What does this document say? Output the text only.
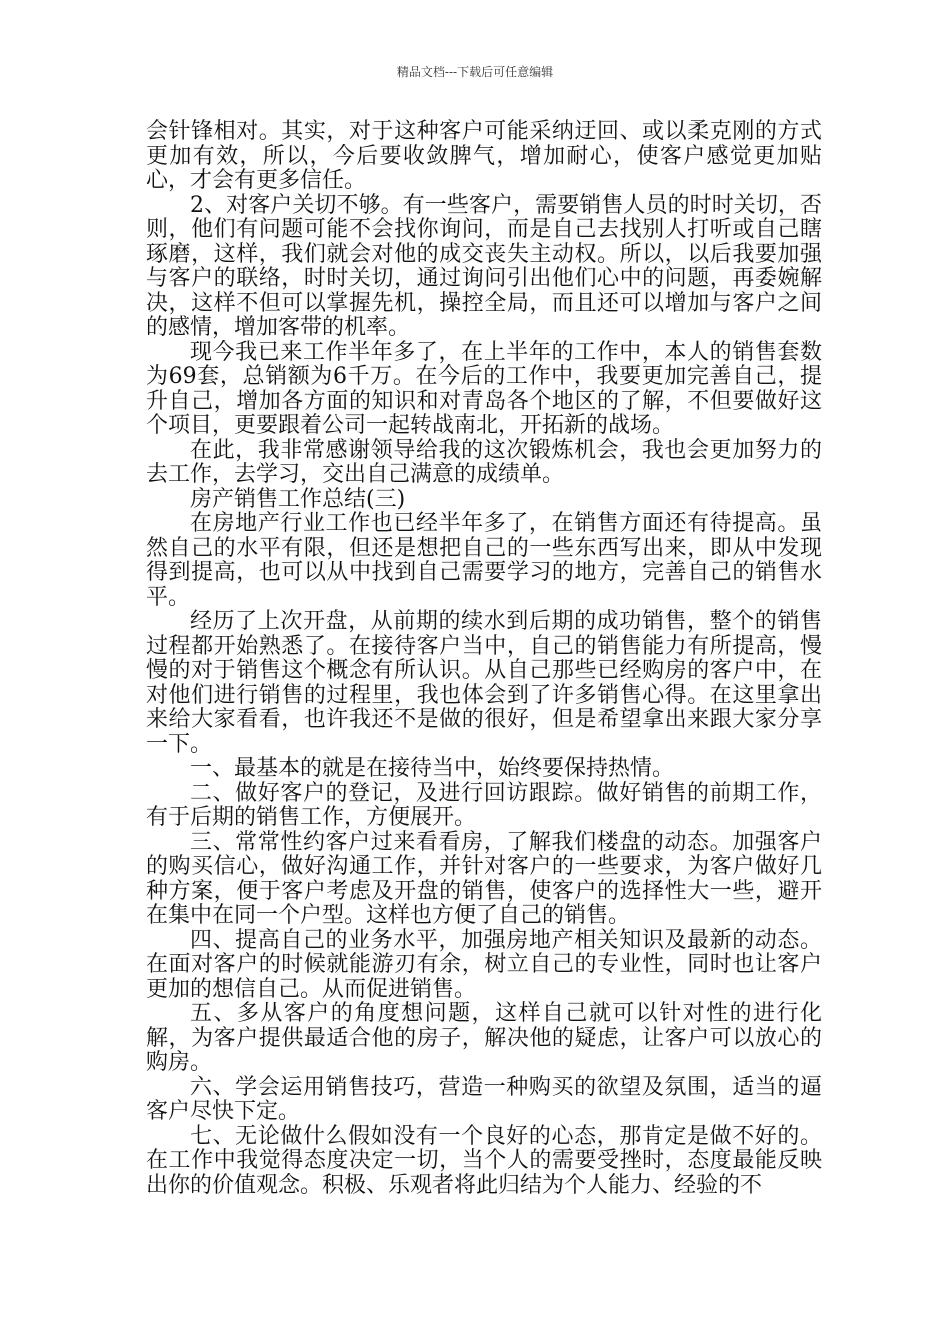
精品文档---下载后可任意编辑

会针锋相对。其实，对于这种客户可能采纳迂回、或以柔克刚的方式更加有效，所以，今后要收敛脾气，增加耐心，使客户感觉更加贴心，才会有更多信任。

2、对客户关切不够。有一些客户，需要销售人员的时时关切，否则，他们有问题可能不会找你询问，而是自己去找别人打听或自己瞎琢磨，这样，我们就会对他的成交丧失主动权。所以，以后我要加强与客户的联络，时时关切，通过询问引出他们心中的问题，再委婉解决，这样不但可以掌握先机，操控全局，而且还可以增加与客户之间的感情，增加客带的机率。

现今我已来工作半年多了，在上半年的工作中，本人的销售套数为69套，总销额为6千万。在今后的工作中，我要更加完善自己，提升自己，增加各方面的知识和对青岛各个地区的了解，不但要做好这个项目，更要跟着公司一起转战南北，开拓新的战场。

在此，我非常感谢领导给我的这次锻炼机会，我也会更加努力的去工作，去学习，交出自己满意的成绩单。

房产销售工作总结(三)

在房地产行业工作也已经半年多了，在销售方面还有待提高。虽然自己的水平有限，但还是想把自己的一些东西写出来，即从中发现得到提高，也可以从中找到自己需要学习的地方，完善自己的销售水平。

经历了上次开盘，从前期的续水到后期的成功销售，整个的销售过程都开始熟悉了。在接待客户当中，自己的销售能力有所提高，慢慢的对于销售这个概念有所认识。从自己那些已经购房的客户中，在对他们进行销售的过程里，我也体会到了许多销售心得。在这里拿出来给大家看看，也许我还不是做的很好，但是希望拿出来跟大家分享一下。

一、最基本的就是在接待当中，始终要保持热情。

二、做好客户的登记，及进行回访跟踪。做好销售的前期工作，有于后期的销售工作，方便展开。

三、常常性约客户过来看看房，了解我们楼盘的动态。加强客户的购买信心，做好沟通工作，并针对客户的一些要求，为客户做好几种方案，便于客户考虑及开盘的销售，使客户的选择性大一些，避开在集中在同一个户型。这样也方便了自己的销售。

四、提高自己的业务水平，加强房地产相关知识及最新的动态。在面对客户的时候就能游刃有余，树立自己的专业性，同时也让客户更加的想信自己。从而促进销售。

五、多从客户的角度想问题，这样自己就可以针对性的进行化解，为客户提供最适合他的房子，解决他的疑虑，让客户可以放心的购房。

六、学会运用销售技巧，营造一种购买的欲望及氛围，适当的逼客户尽快下定。

七、无论做什么假如没有一个良好的心态，那肯定是做不好的。在工作中我觉得态度决定一切，当个人的需要受挫时，态度最能反映出你的价值观念。积极、乐观者将此归结为个人能力、经验的不
